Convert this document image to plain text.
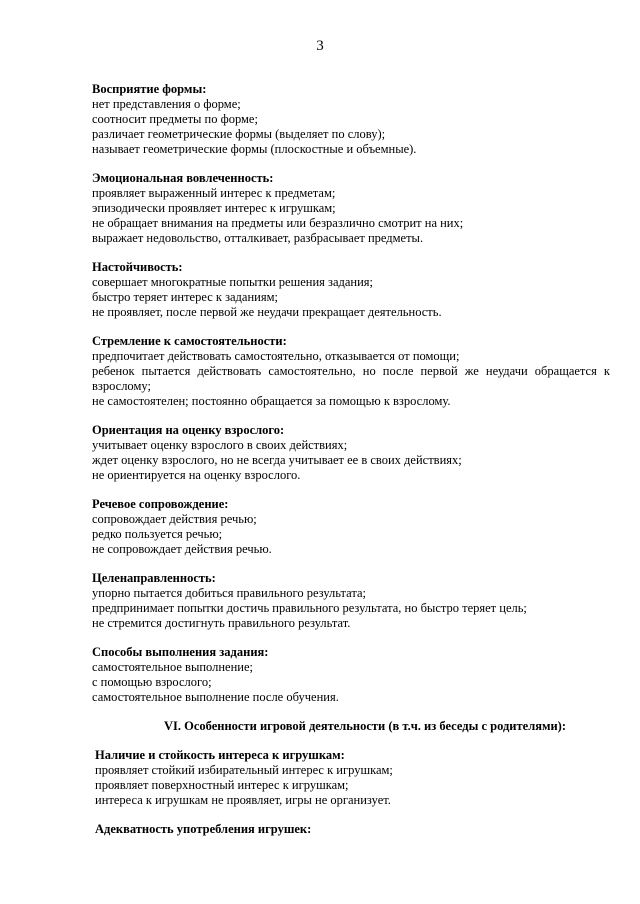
3
Восприятие формы:
нет представления о форме;
соотносит предметы по форме;
различает геометрические формы (выделяет по слову);
называет геометрические формы (плоскостные и объемные).
Эмоциональная вовлеченность:
проявляет выраженный интерес к предметам;
эпизодически проявляет интерес к игрушкам;
не обращает внимания на предметы или безразлично смотрит на них;
выражает недовольство, отталкивает, разбрасывает предметы.
Настойчивость:
совершает многократные попытки решения задания;
быстро теряет интерес к заданиям;
не проявляет, после первой же неудачи прекращает деятельность.
Стремление к самостоятельности:
предпочитает действовать самостоятельно, отказывается от помощи;
ребенок пытается действовать самостоятельно, но после первой же неудачи обращается к взрослому;
не самостоятелен; постоянно обращается за помощью к взрослому.
Ориентация на оценку взрослого:
учитывает оценку взрослого в своих действиях;
ждет оценку взрослого, но не всегда учитывает ее в своих действиях;
не ориентируется на оценку взрослого.
Речевое сопровождение:
сопровождает действия речью;
редко пользуется речью;
не сопровождает действия речью.
Целенаправленность:
упорно пытается добиться правильного результата;
предпринимает попытки достичь правильного результата, но быстро теряет цель;
не стремится достигнуть правильного результат.
Способы выполнения задания:
самостоятельное выполнение;
с помощью взрослого;
самостоятельное выполнение после обучения.
VI. Особенности игровой деятельности (в т.ч. из беседы с родителями):
Наличие и стойкость интереса к игрушкам:
проявляет стойкий избирательный интерес к игрушкам;
проявляет поверхностный интерес к игрушкам;
интереса к игрушкам не проявляет, игры не организует.
Адекватность употребления игрушек:
